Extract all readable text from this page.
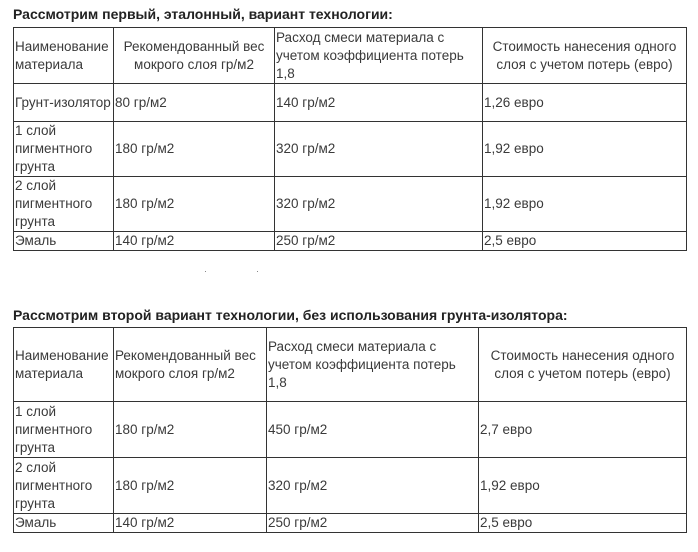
Рассмотрим первый, эталонный, вариант технологии:
Наименование материала	Рекомендованный вес мокрого слоя гр/м2	Расход смеси материала с учетом коэффициента потерь 1,8	Стоимость нанесения одного слоя с учетом потерь (евро)
Грунт-изолятор	80 гр/м2	140 гр/м2	1,26 евро
1 слой пигментного грунта	180 гр/м2	320 гр/м2	1,92 евро
2 слой пигментного грунта	180 гр/м2	320 гр/м2	1,92 евро
Эмаль	140 гр/м2	250 гр/м2	2,5 евро
Рассмотрим второй вариант технологии, без использования грунта-изолятора:
Наименование материала	Рекомендованный вес мокрого слоя гр/м2	Расход смеси материала с учетом коэффициента потерь 1,8	Стоимость нанесения одного слоя с учетом потерь (евро)
1 слой пигментного грунта	180 гр/м2	450 гр/м2	2,7 евро
2 слой пигментного грунта	180 гр/м2	320 гр/м2	1,92 евро
Эмаль	140 гр/м2	250 гр/м2	2,5 евро
